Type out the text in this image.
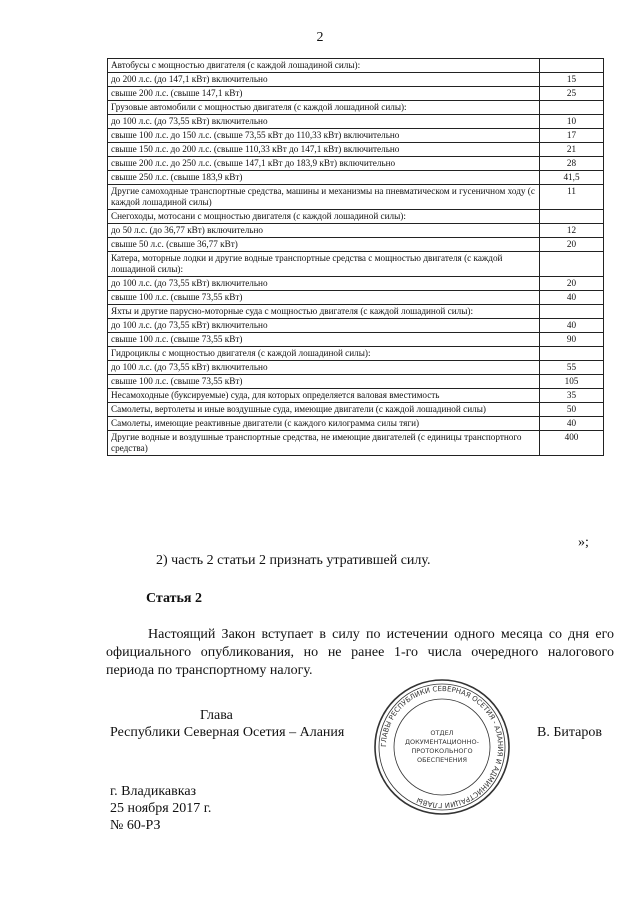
2
Автобусы с мощностью двигателя (с каждой лошадиной силы):	
до 200 л.с. (до 147,1 кВт) включительно	15
свыше 200 л.с. (свыше 147,1 кВт)	25
Грузовые автомобили с мощностью двигателя (с каждой лошадиной силы):	
до 100 л.с. (до 73,55 кВт) включительно	10
свыше 100 л.с. до 150 л.с. (свыше 73,55 кВт до 110,33 кВт) включительно	17
свыше 150 л.с. до 200 л.с. (свыше 110,33 кВт до 147,1 кВт) включительно	21
свыше 200 л.с. до 250 л.с. (свыше 147,1 кВт до 183,9 кВт) включительно	28
свыше 250 л.с. (свыше 183,9 кВт)	41,5
Другие самоходные транспортные средства, машины и механизмы на пневматическом и гусеничном ходу (с каждой лошадиной силы)	11
Снегоходы, мотосани с мощностью двигателя (с каждой лошадиной силы):	
до 50 л.с. (до 36,77 кВт) включительно	12
свыше 50 л.с. (свыше 36,77 кВт)	20
Катера, моторные лодки и другие водные транспортные средства с мощностью двигателя (с каждой лошадиной силы):	
до 100 л.с. (до 73,55 кВт) включительно	20
свыше 100 л.с. (свыше 73,55 кВт)	40
Яхты и другие парусно-моторные суда с мощностью двигателя (с каждой лошадиной силы):	
до 100 л.с. (до 73,55 кВт) включительно	40
свыше 100 л.с. (свыше 73,55 кВт)	90
Гидроциклы с мощностью двигателя (с каждой лошадиной силы):	
до 100 л.с. (до 73,55 кВт) включительно	55
свыше 100 л.с. (свыше 73,55 кВт)	105
Несамоходные (буксируемые) суда, для которых определяется валовая вместимость	35
Самолеты, вертолеты и иные воздушные суда, имеющие двигатели (с каждой лошадиной силы)	50
Самолеты, имеющие реактивные двигатели (с каждого килограмма силы тяги)	40
Другие водные и воздушные транспортные средства, не имеющие двигателей (с единицы транспортного средства)	400
»;
2) часть 2 статьи 2 признать утратившей силу.
Статья 2
Настоящий Закон вступает в силу по истечении одного месяца со дня его официального опубликования, но не ранее 1-го числа очередного налогового периода по транспортному налогу.
Глава
Республики Северная Осетия – Алания
ГЛАВЫ РЕСПУБЛИКИ СЕВЕРНАЯ ОСЕТИЯ - АЛАНИЯ И АДМИНИСТРАЦИИ ГЛАВЫ
ОТДЕЛ
ДОКУМЕНТАЦИОННО-
ПРОТОКОЛЬНОГО
ОБЕСПЕЧЕНИЯ
В. Битаров
г. Владикавказ
25 ноября 2017 г.
№ 60-РЗ
